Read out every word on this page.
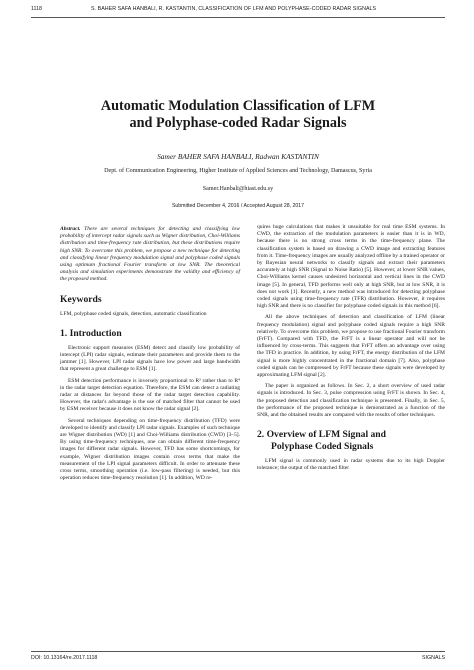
1118	S. BAHER SAFA HANBALI, R. KASTANTIN, CLASSIFICATION OF LFM AND POLYPHASE-CODED RADAR SIGNALS
Automatic Modulation Classification of LFM
and Polyphase-coded Radar Signals
Samer BAHER SAFA HANBALI, Radwan KASTANTIN
Dept. of Communication Engineering, Higher Institute of Applied Sciences and Technology, Damascus, Syria
Samer.Hanbali@hiast.edu.sy
Submitted December 4, 2016 / Accepted August 28, 2017

Abstract. There are several techniques for detecting and classifying low probability of intercept radar signals such as Wigner distribution, Choi-Williams distribution and time-frequency rate distribution, but these distributions require high SNR. To overcome this problem, we propose a new technique for detecting and classifying linear frequency modulation signal and polyphase coded signals using optimum fractional Fourier transform at low SNR. The theoretical analysis and simulation experiments demonstrate the validity and efficiency of the proposed method.

Keywords

LFM, polyphase coded signals, detection, automatic classification

1. Introduction

Electronic support measures (ESM) detect and classify low probability of intercept (LPI) radar signals, estimate their parameters and provide them to the jammer [1]. However, LPI radar signals have low power and large bandwidth that represent a great challenge to ESM [1].

ESM detection performance is inversely proportional to R² rather than to R⁴ in the radar target detection equation. Therefore, the ESM can detect a radiating radar at distances far beyond those of the radar target detection capability. However, the radar's advantage is the use of matched filter that cannot be used by ESM receiver because it does not know the radar signal [2].

Several techniques depending on time-frequency distribution (TFD) were developed to identify and classify LPI radar signals. Examples of such technique are Wigner distribution (WD) [1] and Choi-Williams distribution (CWD) [3–5]. By using time-frequency techniques, one can obtain different time-frequency images for different radar signals. However, TFD has some shortcomings, for example, Wigner distribution images contain cross terms that make the measurement of the LPI signal parameters difficult. In order to attenuate these cross terms, smoothing operation (i.e. low-pass filtering) is needed, but this operation reduces time-frequency resolution [1]. In addition, WD re-

quires huge calculations that makes it unsuitable for real time ESM systems. In CWD, the extraction of the modulation parameters is easier than it is in WD, because there is no strong cross terms in the time-frequency plane. The classification system is based on drawing a CWD image and extracting features from it. Time-frequency images are usually analyzed offline by a trained operator or by Bayesian neural networks to classify signals and extract their parameters accurately at high SNR (Signal to Noise Ratio) [5]. However, at lower SNR values, Choi-Williams kernel causes undesired horizontal and vertical lines in the CWD image [5]. In general, TFD performs well only at high SNR, but at low SNR, it is does not work [1]. Recently, a new method was introduced for detecting polyphase coded signals using time-frequency rate (TFR) distribution. However, it requires high SNR and there is no classifier for polyphase coded signals in this method [6].

All the above techniques of detection and classification of LFM (linear frequency modulation) signal and polyphase coded signals require a high SNR relatively. To overcome this problem, we propose to use fractional Fourier transform (FrFT). Compared with TFD, the FrFT is a linear operator and will not be influenced by cross-terms. This suggests that FrFT offers an advantage over using the TFD in practice. In addition, by using FrFT, the energy distribution of the LFM signal is more highly concentrated in the fractional domain [7]. Also, polyphase coded signals can be compressed by FrFT because these signals were developed by approximating LFM signal [2].

The paper is organized as follows. In Sec. 2, a short overview of used radar signals is introduced. In Sec. 3, pulse compression using FrFT is shown. In Sec. 4, the proposed detection and classification technique is presented. Finally, in Sec. 5, the performance of the proposed technique is demonstrated as a function of the SNR, and the obtained results are compared with the results of other techniques.

2. Overview of LFM Signal and
Polyphase Coded Signals

LFM signal is commonly used in radar systems due to its high Doppler tolerance; the output of the matched filter

DOI: 10.13164/re.2017.1118	SIGNALS
